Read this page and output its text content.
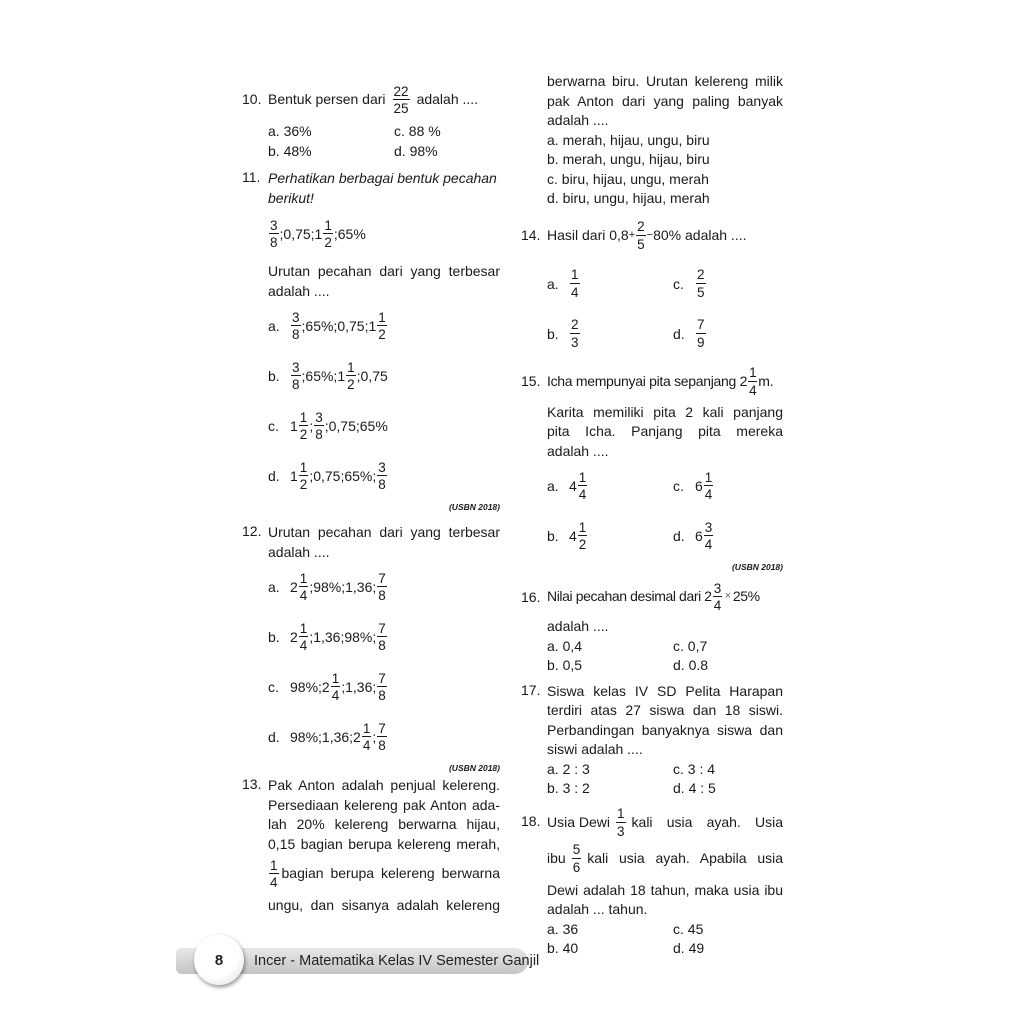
10. Bentuk persen dari $\frac{22}{25}$ adalah ....
a. 36%	c. 88 %
b. 48%	d. 98%
11. Perhatikan berbagai bentuk pecahan

berikut!

$\frac{3}{8}$ ;0,75;1 $\frac{1}{2}$ ;65%

Urutan pecahan dari yang terbesar

adalah ....

a. $\frac{3}{8}$ ;65%;0,75;1 $\frac{1}{2}$
b. $\frac{3}{8}$ ;65%;1 $\frac{1}{2}$ ;0,75
c. $1 \frac{1}{2}$ ; $\frac{3}{8}$ ;0,75;65%
d. $1 \frac{1}{2}$ ;0,75;65%; $\frac{3}{8}$
(USBN 2018)
12. Urutan pecahan dari yang terbesar

adalah ....

a. $2 \frac{1}{4}$ ;98%;1,36; $\frac{7}{8}$
b. $2 \frac{1}{4}$ ;1,36;98%; $\frac{7}{8}$
c. 98%;2 $\frac{1}{4}$ ;1,36; $\frac{7}{8}$
d. 98%;1,36;2 $\frac{1}{4}$ ; $\frac{7}{8}$
(USBN 2018)
13. Pak Anton adalah penjual kelereng.

Persediaan kelereng pak Anton ada-

lah 20% kelereng berwarna hijau,

0,15 bagian berupa kelereng merah,

$\frac{1}{4}$ bagian berupa kelereng berwarna

ungu, dan sisanya adalah kelereng

berwarna biru. Urutan kelereng milik

pak Anton dari yang paling banyak

adalah ....

a. merah, hijau, ungu, biru

b. merah, ungu, hijau, biru

c. biru, hijau, ungu, merah

d. biru, ungu, hijau, merah

14. Hasil dari $0,8 + \frac{2}{5} - 80\%$ adalah ....
a. $\frac{1}{4}$	c. $\frac{2}{5}$
b. $\frac{2}{3}$	d. $\frac{7}{9}$
15. Icha mempunyai pita sepanjang $2 \frac{1}{4} m$.

Karita memiliki pita 2 kali panjang

pita Icha. Panjang pita mereka

adalah ....

a. $4 \frac{1}{4}$	c. $6 \frac{1}{4}$
b. $4 \frac{1}{2}$	d. $6 \frac{3}{4}$
(USBN 2018)
16. Nilai pecahan desimal dari $2 \frac{3}{4} \times 25\%$

adalah ....

a. 0,4	c. 0,7
b. 0,5	d. 0.8
17. Siswa kelas IV SD Pelita Harapan

terdiri atas 27 siswa dan 18 siswi.

Perbandingan banyaknya siswa dan

siswi adalah ....

a. 2 : 3	c. 3 : 4
b. 3 : 2	d. 4 : 5
18. Usia Dewi $\frac{1}{3}$ kali usia ayah. Usia
ibu $\frac{5}{6}$ kali usia ayah. Apabila usia

Dewi adalah 18 tahun, maka usia ibu

adalah ... tahun.

a. 36	c. 45
b. 40	d. 49
8 Incer - Matematika Kelas IV Semester Ganjil
